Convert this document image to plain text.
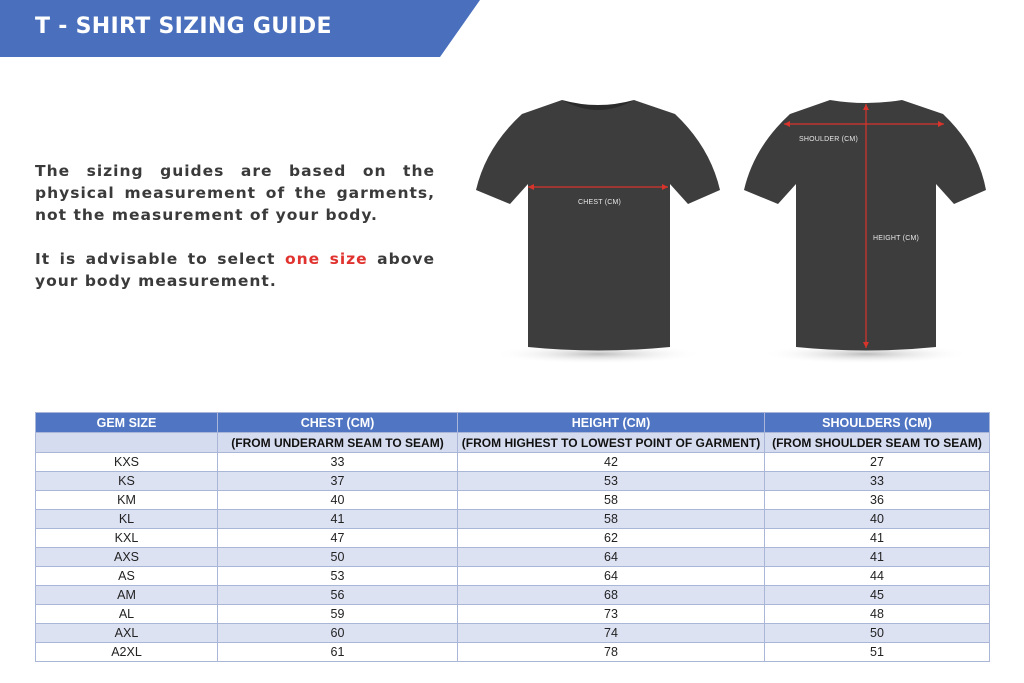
T - SHIRT SIZING GUIDE

The sizing guides are based on the physical measurement of the garments, not the measurement of your body.

It is advisable to select one size above your body measurement.

CHEST (CM)
SHOULDER (CM)
HEIGHT (CM)
GEM SIZE	CHEST (CM)	HEIGHT (CM)	SHOULDERS (CM)
	(FROM UNDERARM SEAM TO SEAM)	(FROM HIGHEST TO LOWEST POINT OF GARMENT)	(FROM SHOULDER SEAM TO SEAM)
KXS	33	42	27
KS	37	53	33
KM	40	58	36
KL	41	58	40
KXL	47	62	41
AXS	50	64	41
AS	53	64	44
AM	56	68	45
AL	59	73	48
AXL	60	74	50
A2XL	61	78	51
